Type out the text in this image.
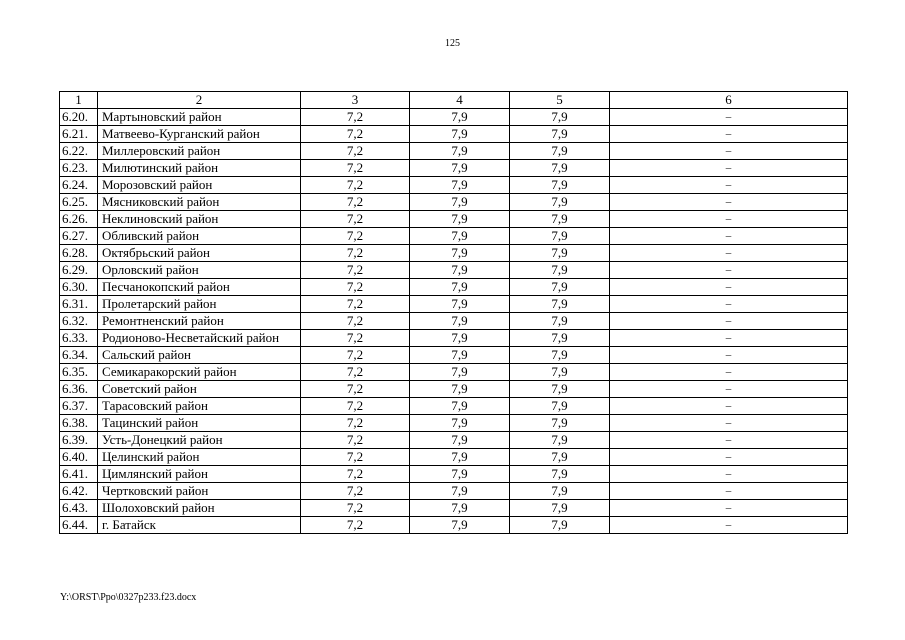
125
1	2	3	4	5	6
6.20.	Мартыновский район	7,2	7,9	7,9	–
6.21.	Матвеево-Курганский район	7,2	7,9	7,9	–
6.22.	Миллеровский район	7,2	7,9	7,9	–
6.23.	Милютинский район	7,2	7,9	7,9	–
6.24.	Морозовский район	7,2	7,9	7,9	–
6.25.	Мясниковский район	7,2	7,9	7,9	–
6.26.	Неклиновский район	7,2	7,9	7,9	–
6.27.	Обливский район	7,2	7,9	7,9	–
6.28.	Октябрьский район	7,2	7,9	7,9	–
6.29.	Орловский район	7,2	7,9	7,9	–
6.30.	Песчанокопский район	7,2	7,9	7,9	–
6.31.	Пролетарский район	7,2	7,9	7,9	–
6.32.	Ремонтненский район	7,2	7,9	7,9	–
6.33.	Родионово-Несветайский район	7,2	7,9	7,9	–
6.34.	Сальский район	7,2	7,9	7,9	–
6.35.	Семикаракорский район	7,2	7,9	7,9	–
6.36.	Советский район	7,2	7,9	7,9	–
6.37.	Тарасовский район	7,2	7,9	7,9	–
6.38.	Тацинский район	7,2	7,9	7,9	–
6.39.	Усть-Донецкий район	7,2	7,9	7,9	–
6.40.	Целинский район	7,2	7,9	7,9	–
6.41.	Цимлянский район	7,2	7,9	7,9	–
6.42.	Чертковский район	7,2	7,9	7,9	–
6.43.	Шолоховский район	7,2	7,9	7,9	–
6.44.	г. Батайск	7,2	7,9	7,9	–
Y:\ORST\Ppo\0327p233.f23.docx
